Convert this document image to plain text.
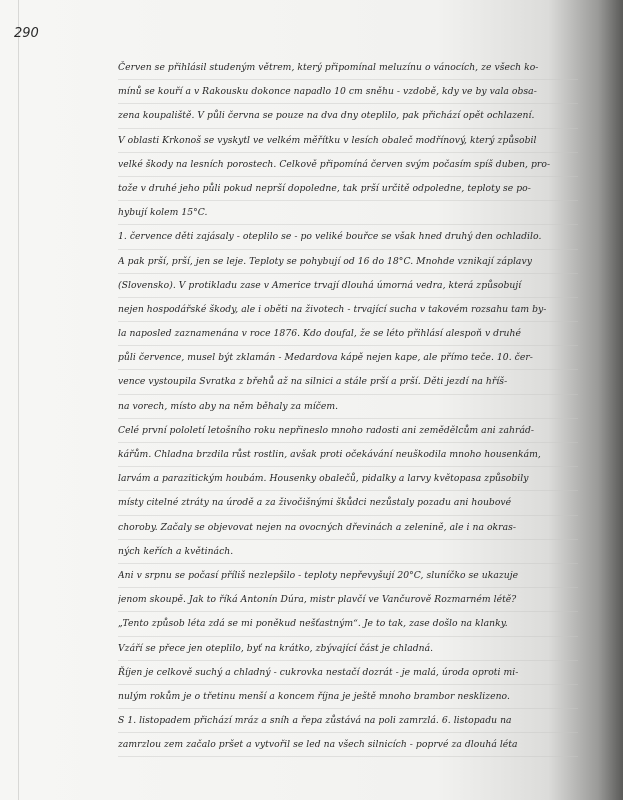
290
Červen se přihlásil studeným větrem, který připomínal meluzínu o vánocích, ze všech ko-
mínů se kouří a v Rakousku dokonce napadlo 10 cm sněhu - vzdobě, kdy ve by vala obsa-
zena koupaliště. V půli června se pouze na dva dny oteplilo, pak přichází opět ochlazení.
V oblasti Krkonoš se vyskytl ve velkém měřítku v lesích obaleč modřínový, který způsobil
velké škody na lesních porostech. Celkově připomíná červen svým počasím spíš duben, pro-
tože v druhé jeho půli pokud neprší dopoledne, tak prší určitě odpoledne, teploty se po-
hybují kolem 15°C.
1. července děti zajásaly - oteplilo se - po veliké bouřce se však hned druhý den ochladilo.
A pak prší, prší, jen se leje. Teploty se pohybují od 16 do 18°C. Mnohde vznikají záplavy
(Slovensko). V protikladu zase v Americe trvají dlouhá úmorná vedra, která způsobují
nejen hospodářské škody, ale i oběti na životech - trvající sucha v takovém rozsahu tam by-
la naposled zaznamenána v roce 1876. Kdo doufal, že se léto přihlásí alespoň v druhé
půli července, musel být zklamán - Medardova kápě nejen kape, ale přímo teče. 10. čer-
vence vystoupila Svratka z břehů až na silnici a stále prší a prší. Děti jezdí na hříš-
na vorech, místo aby na něm běhaly za míčem.
Celé první pololetí letošního roku nepřineslo mnoho radosti ani zemědělcům ani zahrád-
kářům. Chladna brzdila růst rostlin, avšak proti očekávání neuškodila mnoho housenkám,
larvám a parazitickým houbám. Housenky obalečů, pidalky a larvy květopasa způsobily
místy citelné ztráty na úrodě a za živočišnými škůdci nezůstaly pozadu ani houbové
choroby. Začaly se objevovat nejen na ovocných dřevinách a zelenině, ale i na okras-
ných keřích a květinách.
Ani v srpnu se počasí příliš nezlepšilo - teploty nepřevyšují 20°C, sluníčko se ukazuje
jenom skoupě. Jak to říká Antonín Dúra, mistr plavčí ve Vančurově Rozmarném létě?
„Tento způsob léta zdá se mi poněkud nešťastným“. Je to tak, zase došlo na klanky.
Vzáří se přece jen oteplilo, byť na krátko, zbývající část je chladná.
Říjen je celkově suchý a chladný - cukrovka nestačí dozrát - je malá, úroda oproti mi-
nulým rokům je o třetinu menší a koncem října je ještě mnoho brambor nesklizeno.
S 1. listopadem přichází mráz a sníh a řepa zůstává na poli zamrzlá. 6. listopadu na
zamrzlou zem začalo pršet a vytvořil se led na všech silnicích - poprvé za dlouhá léta
